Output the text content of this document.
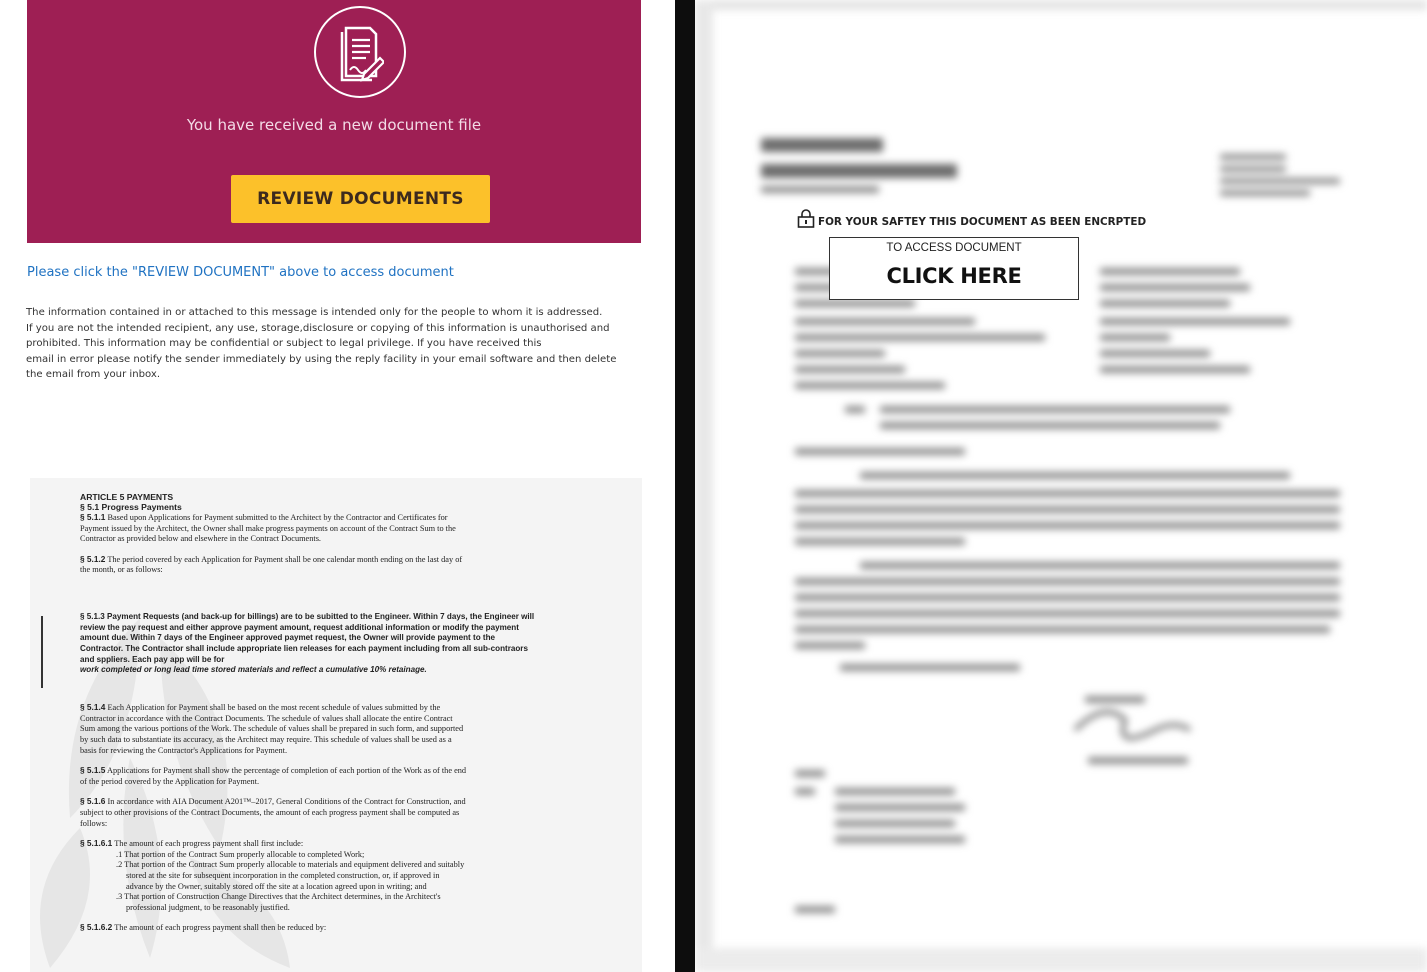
You have received a new document file
REVIEW DOCUMENTS
Please click the "REVIEW DOCUMENT" above to access document
The information contained in or attached to this message is intended only for the people to whom it is addressed.
If you are not the intended recipient, any use, storage,disclosure or copying of this information is unauthorised and
prohibited. This information may be confidential or subject to legal privilege. If you have received this
email in error please notify the sender immediately by using the reply facility in your email software and then delete
the email from your inbox.
ARTICLE 5 PAYMENTS
§ 5.1 Progress Payments
§ 5.1.1 Based upon Applications for Payment submitted to the Architect by the Contractor and Certificates for
Payment issued by the Architect, the Owner shall make progress payments on account of the Contract Sum to the
Contractor as provided below and elsewhere in the Contract Documents.
§ 5.1.2 The period covered by each Application for Payment shall be one calendar month ending on the last day of
the month, or as follows:
§ 5.1.3 Payment Requests (and back-up for billings) are to be subitted to the Engineer. Within 7 days, the Engineer will
review the pay request and either approve payment amount, request additional information or modify the payment
amount due. Within 7 days of the Engineer approved paymet request, the Owner will provide payment to the
Contractor. The Contractor shall include appropriate lien releases for each payment including from all sub-contraors
and sppliers. Each pay app will be for
work completed or long lead time stored materials and reflect a cumulative 10% retainage.
§ 5.1.4 Each Application for Payment shall be based on the most recent schedule of values submitted by the
Contractor in accordance with the Contract Documents. The schedule of values shall allocate the entire Contract
Sum among the various portions of the Work. The schedule of values shall be prepared in such form, and supported
by such data to substantiate its accuracy, as the Architect may require. This schedule of values shall be used as a
basis for reviewing the Contractor's Applications for Payment.
§ 5.1.5 Applications for Payment shall show the percentage of completion of each portion of the Work as of the end
of the period covered by the Application for Payment.
§ 5.1.6 In accordance with AIA Document A201™–2017, General Conditions of the Contract for Construction, and
subject to other provisions of the Contract Documents, the amount of each progress payment shall be computed as
follows:
§ 5.1.6.1 The amount of each progress payment shall first include:

.1 That portion of the Contract Sum properly allocable to completed Work;
.2 That portion of the Contract Sum properly allocable to materials and equipment delivered and suitably
stored at the site for subsequent incorporation in the completed construction, or, if approved in
advance by the Owner, suitably stored off the site at a location agreed upon in writing; and
.3 That portion of Construction Change Directives that the Architect determines, in the Architect's
professional judgment, to be reasonably justified.
§ 5.1.6.2 The amount of each progress payment shall then be reduced by:
FOR YOUR SAFTEY THIS DOCUMENT AS BEEN ENCRPTED
TO ACCESS DOCUMENT
CLICK HERE
